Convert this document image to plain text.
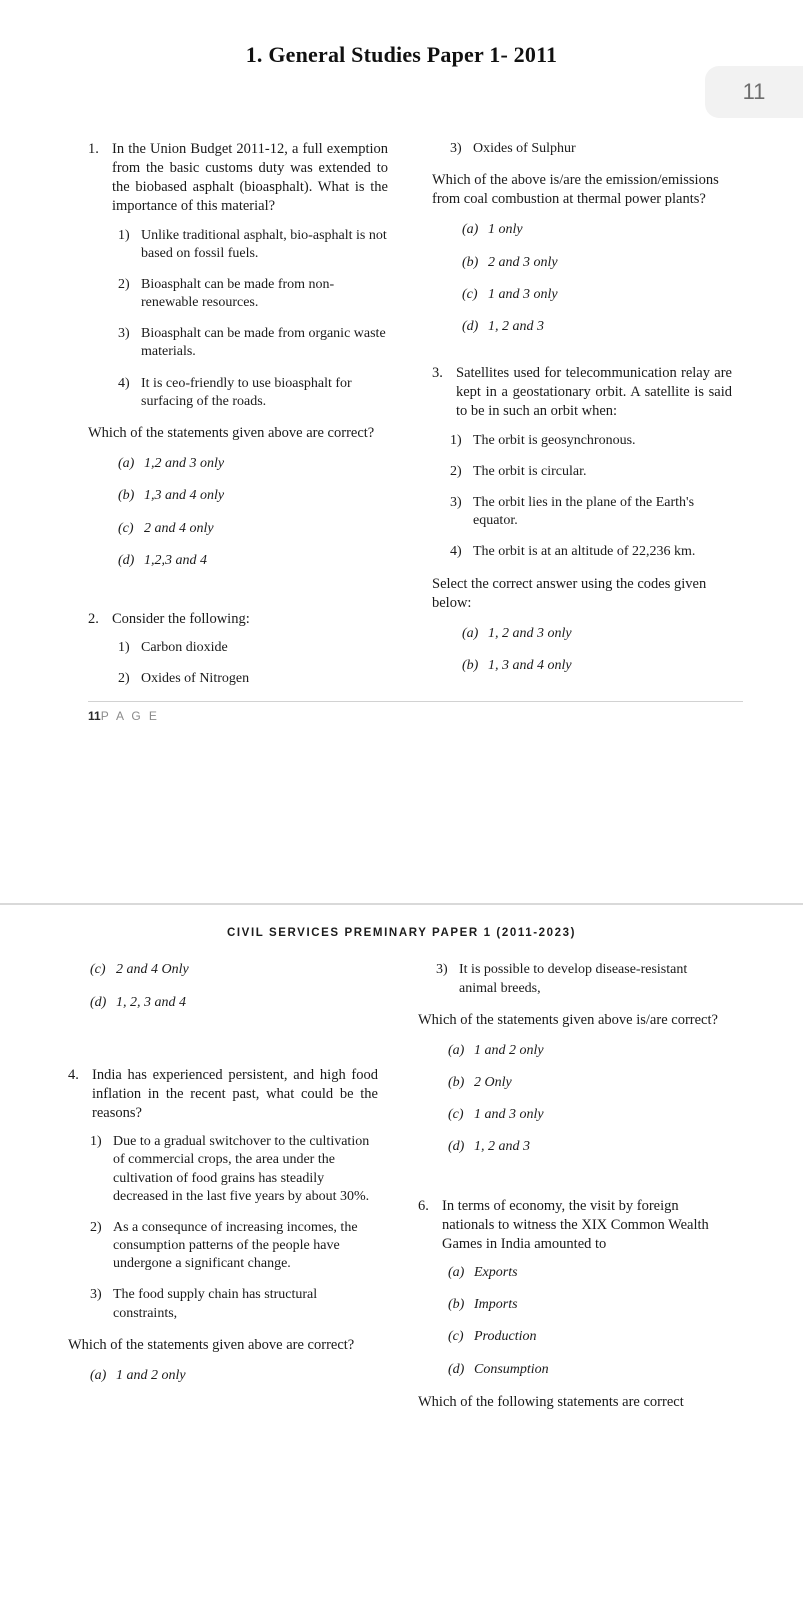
1. General Studies Paper 1- 2011
11
1. In the Union Budget 2011-12, a full exemption from the basic customs duty was extended to the biobased asphalt (bioasphalt). What is the importance of this material?
1) Unlike traditional asphalt, bio-asphalt is not based on fossil fuels.
2) Bioasphalt can be made from non- renewable resources.
3) Bioasphalt can be made from organic waste materials.
4) It is ceo-friendly to use bioasphalt for surfacing of the roads.
Which of the statements given above are correct?
(a) 1,2 and 3 only
(b) 1,3 and 4 only
(c) 2 and 4 only
(d) 1,2,3 and 4
2. Consider the following:
1) Carbon dioxide
2) Oxides of Nitrogen
3) Oxides of Sulphur
Which of the above is/are the emission/emissions from coal combustion at thermal power plants?
(a) 1 only
(b) 2 and 3 only
(c) 1 and 3 only
(d) 1, 2 and 3
3. Satellites used for telecommunication relay are kept in a geostationary orbit. A satellite is said to be in such an orbit when:
1) The orbit is geosynchronous.
2) The orbit is circular.
3) The orbit lies in the plane of the Earth's equator.
4) The orbit is at an altitude of 22,236 km.
Select the correct answer using the codes given below:
(a) 1, 2 and 3 only
(b) 1, 3 and 4 only
11P A G E
CIVIL SERVICES PREMINARY PAPER 1 (2011-2023)
(c) 2 and 4 Only
(d) 1, 2, 3 and 4
4. India has experienced persistent, and high food inflation in the recent past, what could be the reasons?
1) Due to a gradual switchover to the cultivation of commercial crops, the area under the cultivation of food grains has steadily decreased in the last five years by about 30%.
2) As a consequnce of increasing incomes, the consumption patterns of the people have undergone a significant change.
3) The food supply chain has structural constraints,
Which of the statements given above are correct?
(a) 1 and 2 only
3) It is possible to develop disease-resistant animal breeds,
Which of the statements given above is/are correct?
(a) 1 and 2 only
(b) 2 Only
(c) 1 and 3 only
(d) 1, 2 and 3
6. In terms of economy, the visit by foreign nationals to witness the XIX Common Wealth Games in India amounted to
(a) Exports
(b) Imports
(c) Production
(d) Consumption
Which of the following statements are correct
